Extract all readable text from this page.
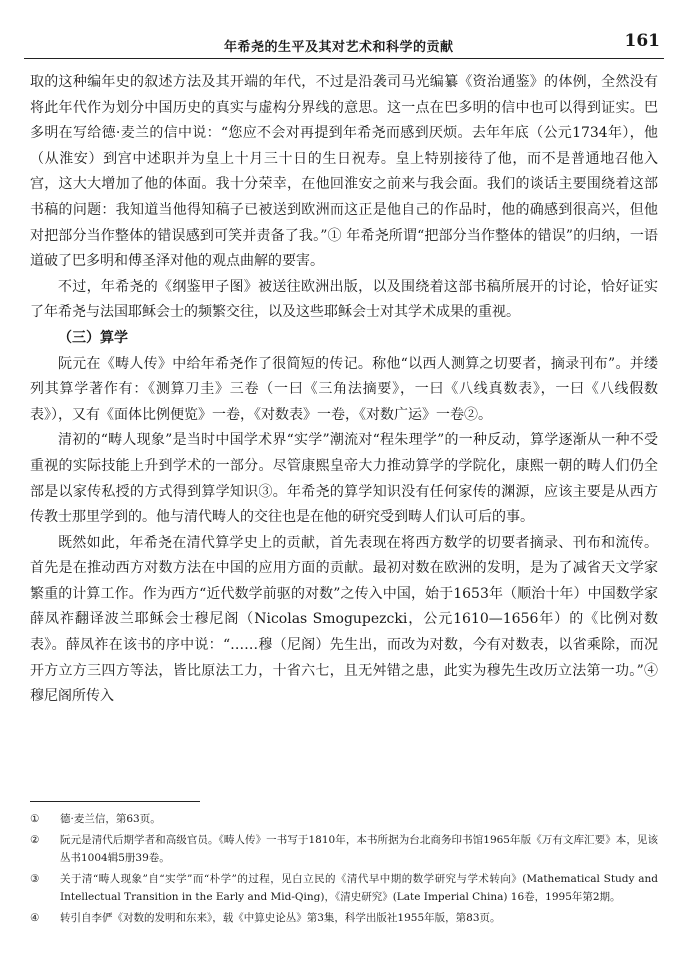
年希尧的生平及其对艺术和科学的贡献	161

取的这种编年史的叙述方法及其开端的年代，不过是沿袭司马光编纂《资治通鉴》的体例，全然没有将此年代作为划分中国历史的真实与虚构分界线的意思。这一点在巴多明的信中也可以得到证实。巴多明在写给德·麦兰的信中说：“您应不会对再提到年希尧而感到厌烦。去年年底（公元1734年），他（从淮安）到宫中述职并为皇上十月三十日的生日祝寿。皇上特别接待了他，而不是普通地召他入宫，这大大增加了他的体面。我十分荣幸，在他回淮安之前来与我会面。我们的谈话主要围绕着这部书稿的问题：我知道当他得知稿子已被送到欧洲而这正是他自己的作品时，他的确感到很高兴，但他对把部分当作整体的错误感到可笑并责备了我。”① 年希尧所谓“把部分当作整体的错误”的归纳，一语道破了巴多明和傅圣泽对他的观点曲解的要害。

不过，年希尧的《纲鉴甲子图》被送往欧洲出版，以及围绕着这部书稿所展开的讨论，恰好证实了年希尧与法国耶稣会士的频繁交往，以及这些耶稣会士对其学术成果的重视。

（三）算学

阮元在《畴人传》中给年希尧作了很简短的传记。称他“以西人测算之切要者，摘录刊布”。并缕列其算学著作有：《测算刀圭》三卷（一曰《三角法摘要》，一曰《八线真数表》，一曰《八线假数表》），又有《面体比例便览》一卷，《对数表》一卷，《对数广运》一卷②。

清初的“畴人现象”是当时中国学术界“实学”潮流对“程朱理学”的一种反动，算学逐渐从一种不受重视的实际技能上升到学术的一部分。尽管康熙皇帝大力推动算学的学院化，康熙一朝的畴人们仍全部是以家传私授的方式得到算学知识③。年希尧的算学知识没有任何家传的渊源，应该主要是从西方传教士那里学到的。他与清代畴人的交往也是在他的研究受到畴人们认可后的事。

既然如此，年希尧在清代算学史上的贡献，首先表现在将西方数学的切要者摘录、刊布和流传。首先是在推动西方对数方法在中国的应用方面的贡献。最初对数在欧洲的发明，是为了减省天文学家繁重的计算工作。作为西方“近代数学前驱的对数”之传入中国，始于1653年（顺治十年）中国数学家薛凤祚翻译波兰耶稣会士穆尼阁（Nicolas Smogupezcki，公元1610—1656年）的《比例对数表》。薛凤祚在该书的序中说：“……穆（尼阁）先生出，而改为对数，今有对数表，以省乘除，而况开方立方三四方等法，皆比原法工力，十省六七，且无舛错之患，此实为穆先生改历立法第一功。”④ 穆尼阁所传入

① 德·麦兰信，第63页。
② 阮元是清代后期学者和高级官员。《畴人传》一书写于1810年，本书所据为台北商务印书馆1965年版《万有文库汇要》本，见该丛书1004辑5册39卷。
③ 关于清“畴人现象”自“实学”而“朴学”的过程，见白立民的《清代早中期的数学研究与学术转向》(Mathematical Study and Intellectual Transition in the Early and Mid-Qing)，《清史研究》(Late Imperial China) 16卷，1995年第2期。
④ 转引自李俨《对数的发明和东来》，载《中算史论丛》第3集，科学出版社1955年版，第83页。
